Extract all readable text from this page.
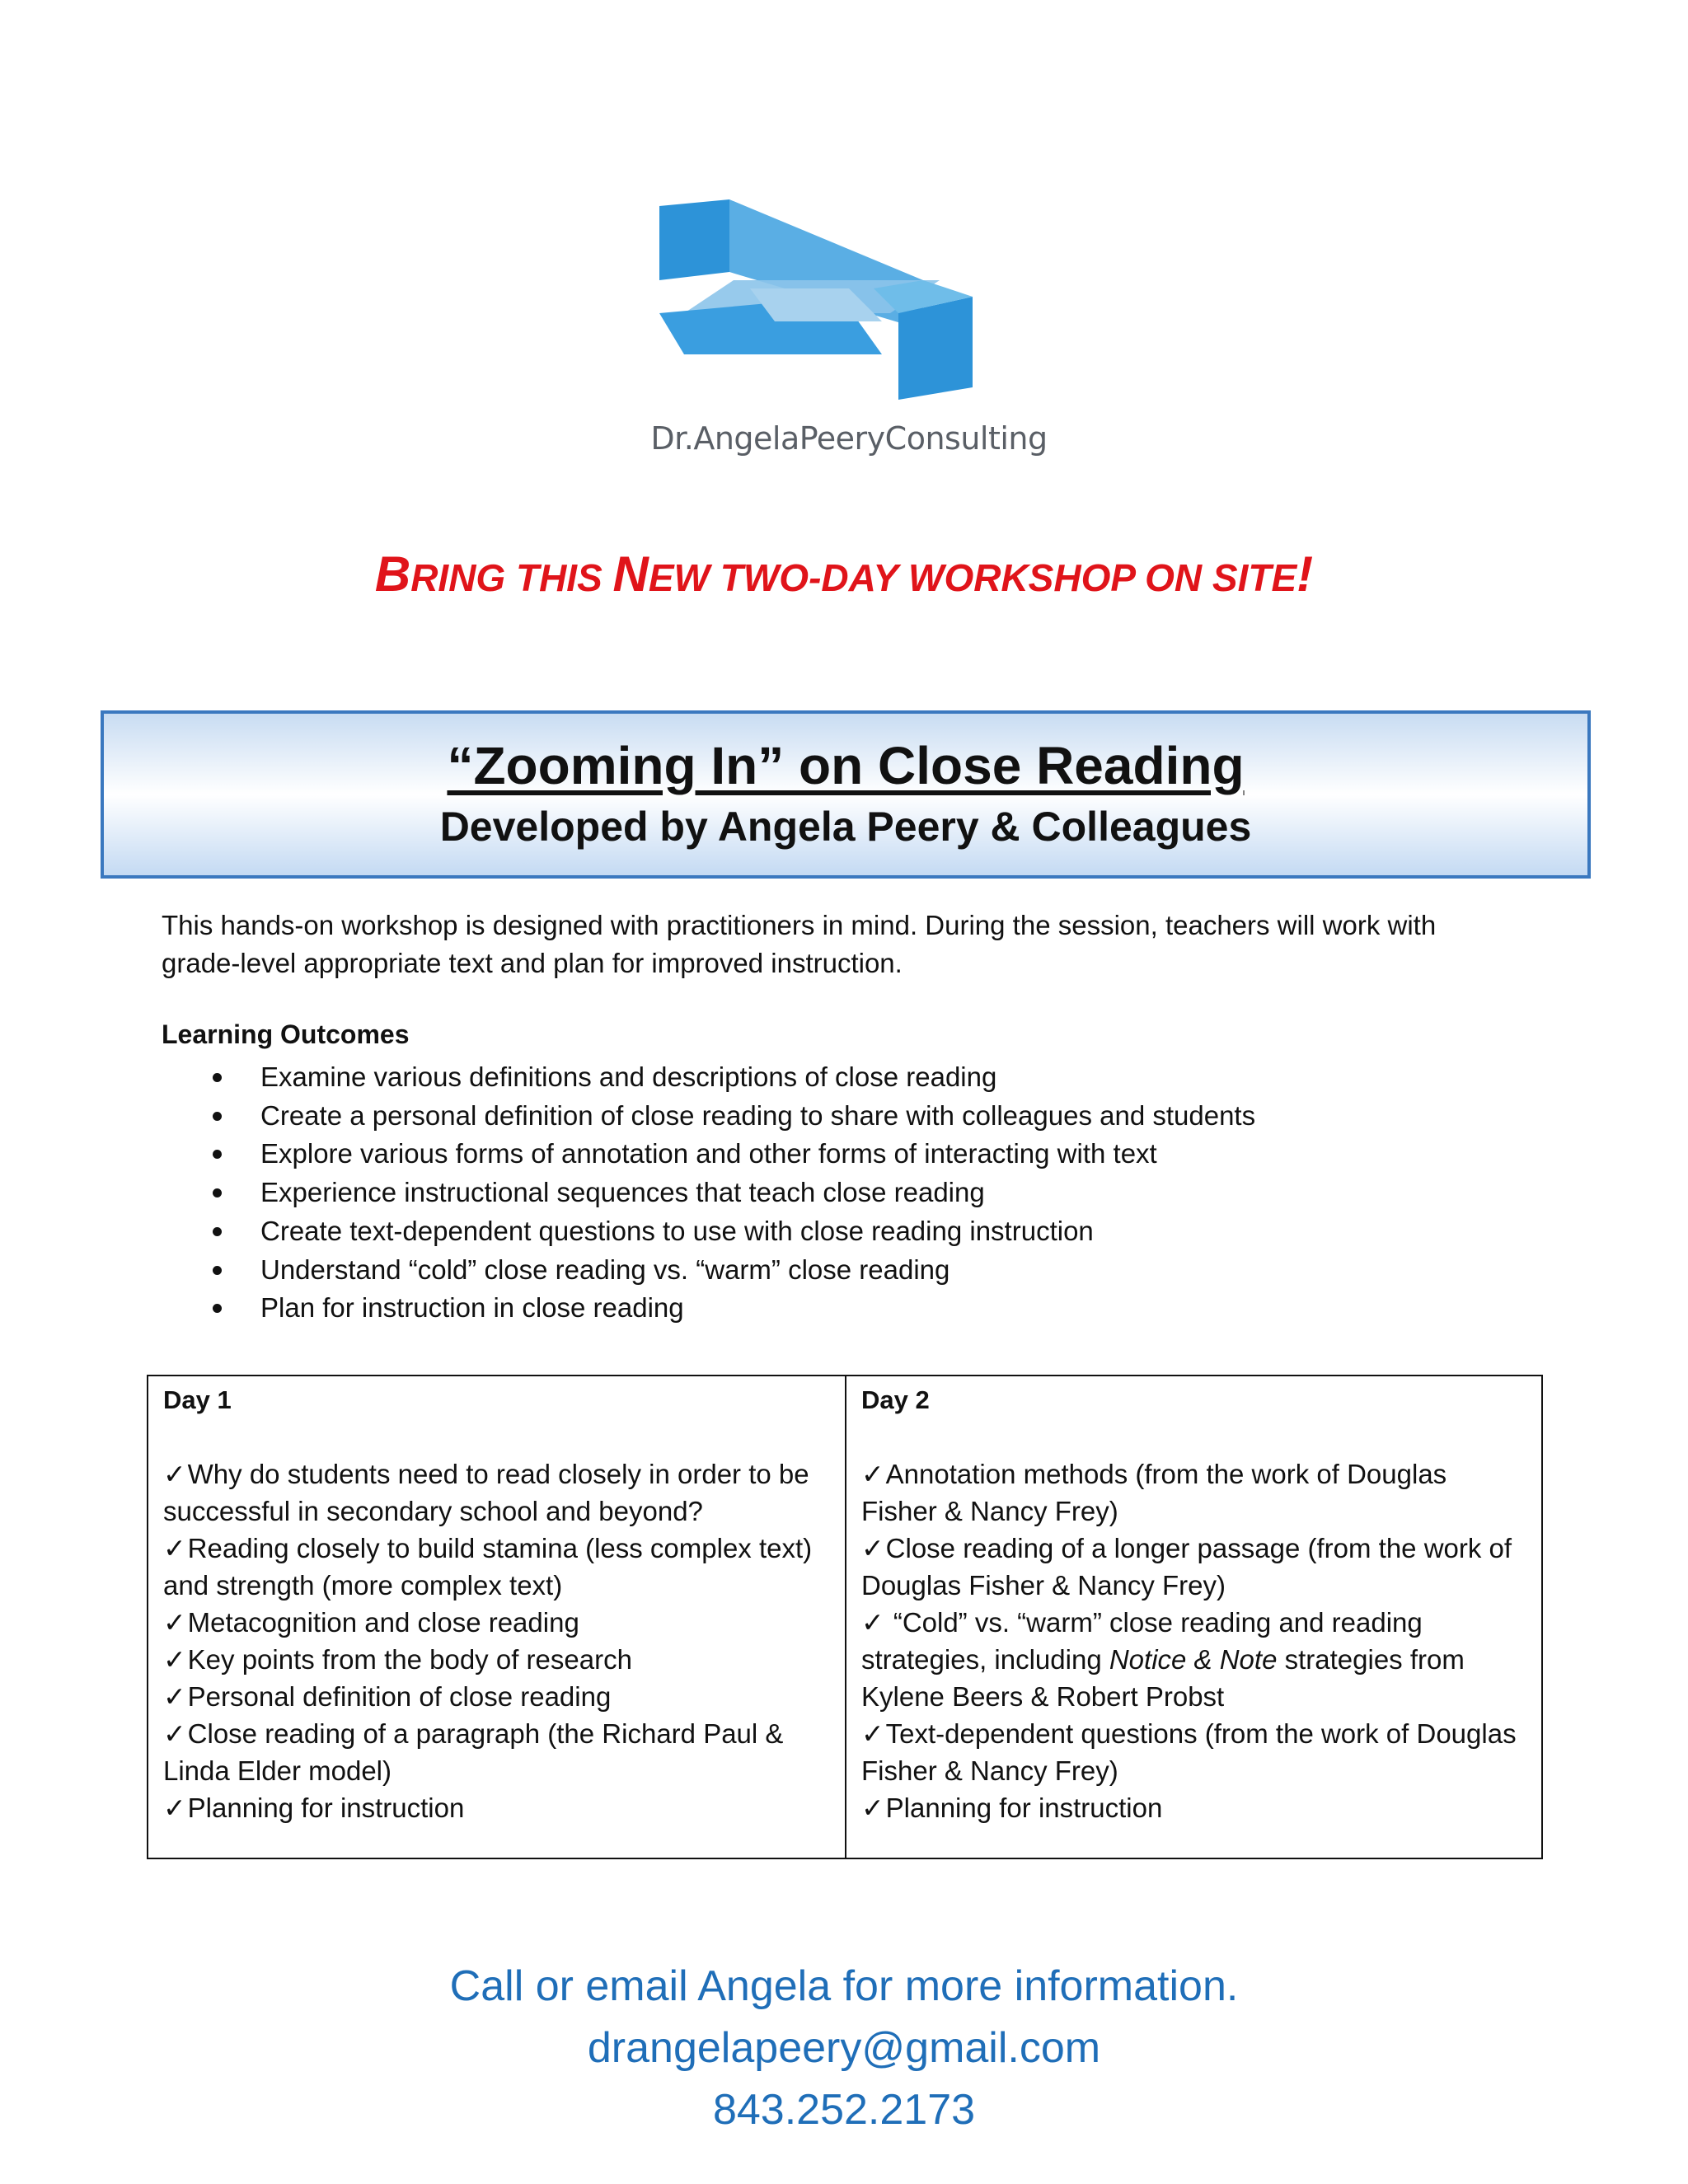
Dr.AngelaPeeryConsulting
BRING THIS NEW TWO-DAY WORKSHOP ON SITE!
“Zooming In” on Close Reading
Developed by Angela Peery & Colleagues
This hands-on workshop is designed with practitioners in mind. During the session, teachers will work with grade-level appropriate text and plan for improved instruction.
Learning Outcomes
Examine various definitions and descriptions of close reading
Create a personal definition of close reading to share with colleagues and students
Explore various forms of annotation and other forms of interacting with text
Experience instructional sequences that teach close reading
Create text-dependent questions to use with close reading instruction
Understand “cold” close reading vs. “warm” close reading
Plan for instruction in close reading
Day 1
✓Why do students need to read closely in order to be successful in secondary school and beyond?
✓Reading closely to build stamina (less complex text) and strength (more complex text)
✓Metacognition and close reading
✓Key points from the body of research
✓Personal definition of close reading
✓Close reading of a paragraph (the Richard Paul & Linda Elder model)
✓Planning for instruction
Day 2
✓Annotation methods (from the work of Douglas Fisher & Nancy Frey)
✓Close reading of a longer passage (from the work of Douglas Fisher & Nancy Frey)
✓ “Cold” vs. “warm” close reading and reading strategies, including Notice & Note strategies from Kylene Beers & Robert Probst
✓Text-dependent questions (from the work of Douglas Fisher & Nancy Frey)
✓Planning for instruction
Call or email Angela for more information.
drangelapeery@gmail.com
843.252.2173
